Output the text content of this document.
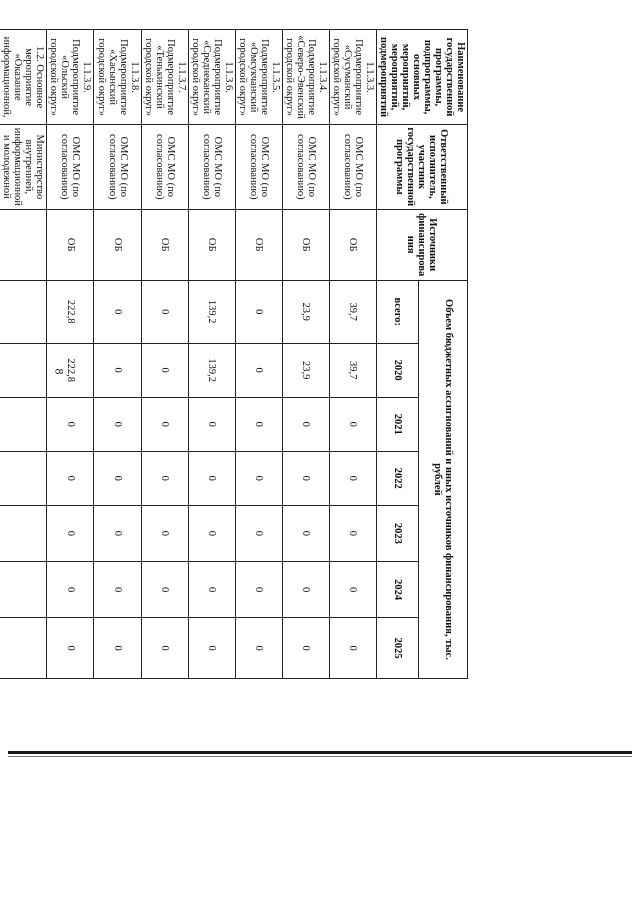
8
Наименование государственной программы, подпрограммы, основных мероприятий, мероприятий, подмероприятий	Ответственный исполнитель, участник государственной программы	Источники финансирования	Объем бюджетных ассигнований и иных источников финансирования, тыс. рублей						
			всего:	2020	2021	2022	2023	2024	2025
1.1.3.3. Подмероприятие «Сусуманский городской округ»	ОМС МО (по согласованию)	ОБ	39,7	39,7	0	0	0	0	0
1.1.3.4. Подмероприятие «Северо-Эвенский городской округ»	ОМС МО (по согласованию)	ОБ	23,9	23,9	0	0	0	0	0
1.1.3.5. Подмероприятие «Омсукчанский городской округ»	ОМС МО (по согласованию)	ОБ	0	0	0	0	0	0	0
1.1.3.6. Подмероприятие «Среднеканский городской округ»	ОМС МО (по согласованию)	ОБ	139,2	139,2	0	0	0	0	0
1.1.3.7. Подмероприятие «Тенькинский городской округ»	ОМС МО (по согласованию)	ОБ	0	0	0	0	0	0	0
1.1.3.8. Подмероприятие «Хасынский городской округ»	ОМС МО (по согласованию)	ОБ	0	0	0	0	0	0	0
1.1.3.9. Подмероприятие «Ольский городской округ»	ОМС МО (по согласованию)	ОБ	222,8	222,8	0	0	0	0	0
1.2. Основное мероприятие «Оказание информационной,	Министерство внутренней, информационной и молодежной								
